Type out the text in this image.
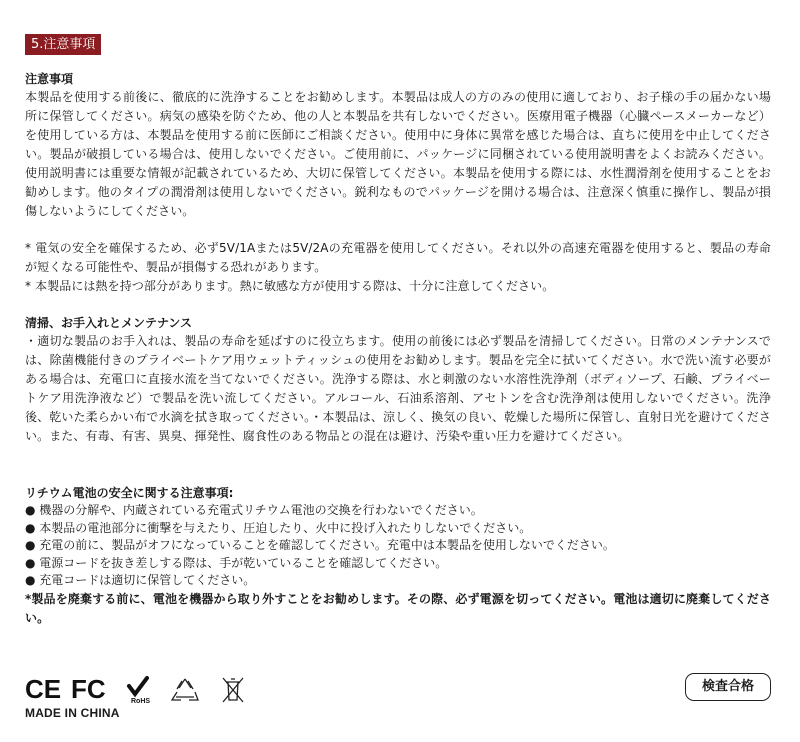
5.注意事項

注意事項

本製品を使用する前後に、徹底的に洗浄することをお勧めします。本製品は成人の方のみの使用に適しており、お子様の手の届かない場所に保管してください。病気の感染を防ぐため、他の人と本製品を共有しないでください。医療用電子機器（心臓ペースメーカーなど）を使用している方は、本製品を使用する前に医師にご相談ください。使用中に身体に異常を感じた場合は、直ちに使用を中止してください。製品が破損している場合は、使用しないでください。ご使用前に、パッケージに同梱されている使用説明書をよくお読みください。使用説明書には重要な情報が記載されているため、大切に保管してください。本製品を使用する際には、水性潤滑剤を使用することをお勧めします。他のタイプの潤滑剤は使用しないでください。鋭利なものでパッケージを開ける場合は、注意深く慎重に操作し、製品が損傷しないようにしてください。

* 電気の安全を確保するため、必ず5V/1Aまたは5V/2Aの充電器を使用してください。それ以外の高速充電器を使用すると、製品の寿命が短くなる可能性や、製品が損傷する恐れがあります。

* 本製品には熱を持つ部分があります。熱に敏感な方が使用する際は、十分に注意してください。

清掃、お手入れとメンテナンス

・適切な製品のお手入れは、製品の寿命を延ばすのに役立ちます。使用の前後には必ず製品を清掃してください。日常のメンテナンスでは、除菌機能付きのプライベートケア用ウェットティッシュの使用をお勧めします。製品を完全に拭いてください。水で洗い流す必要がある場合は、充電口に直接水流を当てないでください。洗浄する際は、水と刺激のない水溶性洗浄剤（ボディソープ、石鹸、プライベートケア用洗浄液など）で製品を洗い流してください。アルコール、石油系溶剤、アセトンを含む洗浄剤は使用しないでください。洗浄後、乾いた柔らかい布で水滴を拭き取ってください。・本製品は、涼しく、換気の良い、乾燥した場所に保管し、直射日光を避けてください。また、有毒、有害、異臭、揮発性、腐食性のある物品との混在は避け、汚染や重い圧力を避けてください。

リチウム電池の安全に関する注意事項:

● 機器の分解や、内蔵されている充電式リチウム電池の交換を行わないでください。

● 本製品の電池部分に衝撃を与えたり、圧迫したり、火中に投げ入れたりしないでください。

● 充電の前に、製品がオフになっていることを確認してください。充電中は本製品を使用しないでください。

● 電源コードを抜き差しする際は、手が乾いていることを確認してください。

● 充電コードは適切に保管してください。

*製品を廃棄する前に、電池を機器から取り外すことをお勧めします。その際、必ず電源を切ってください。電池は適切に廃棄してください。

CE FC	RoHS
MADE IN CHINA
検査合格
